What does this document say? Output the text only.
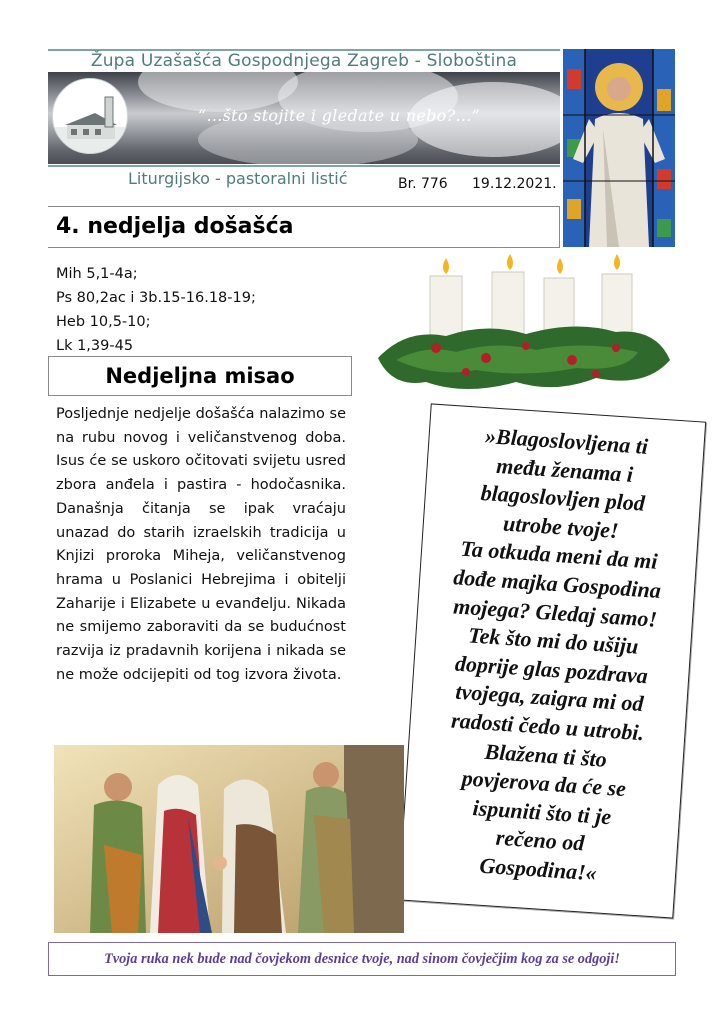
Župa Uzašašća Gospodnjega Zagreb - Sloboština
“...što stojite i gledate u nebo?...”
Liturgijsko - pastoralni listić	Br. 776 19.12.2021.
4. nedjelja došašća
Mih 5,1-4a;
Ps 80,2ac i 3b.15-16.18-19;
Heb 10,5-10;
Lk 1,39-45
Nedjeljna misao
Posljednje nedjelje došašća nalazimo se na rubu novog i veličanstvenog doba. Isus će se uskoro očitovati svijetu usred zbora anđela i pastira - hodočasnika. Današnja čitanja se ipak vraćaju unazad do starih izraelskih tradicija u Knjizi proroka Miheja, veličanstvenog hrama u Poslanici Hebrejima i obitelji Zaharije i Elizabete u evanđelju. Nikada ne smijemo zaboraviti da se budućnost razvija iz pradavnih korijena i nikada se ne može odcijepiti od tog izvora života.
»Blagoslovljena ti
među ženama i
blagoslovljen plod
utrobe tvoje!
Ta otkuda meni da mi
dođe majka Gospodina
mojega? Gledaj samo!
Tek što mi do ušiju
doprije glas pozdrava
tvojega, zaigra mi od
radosti čedo u utrobi.
Blažena ti što
povjerova da će se
ispuniti što ti je
rečeno od
Gospodina!«
Tvoja ruka nek bude nad čovjekom desnice tvoje, nad sinom čovječjim kog za se odgoji!
